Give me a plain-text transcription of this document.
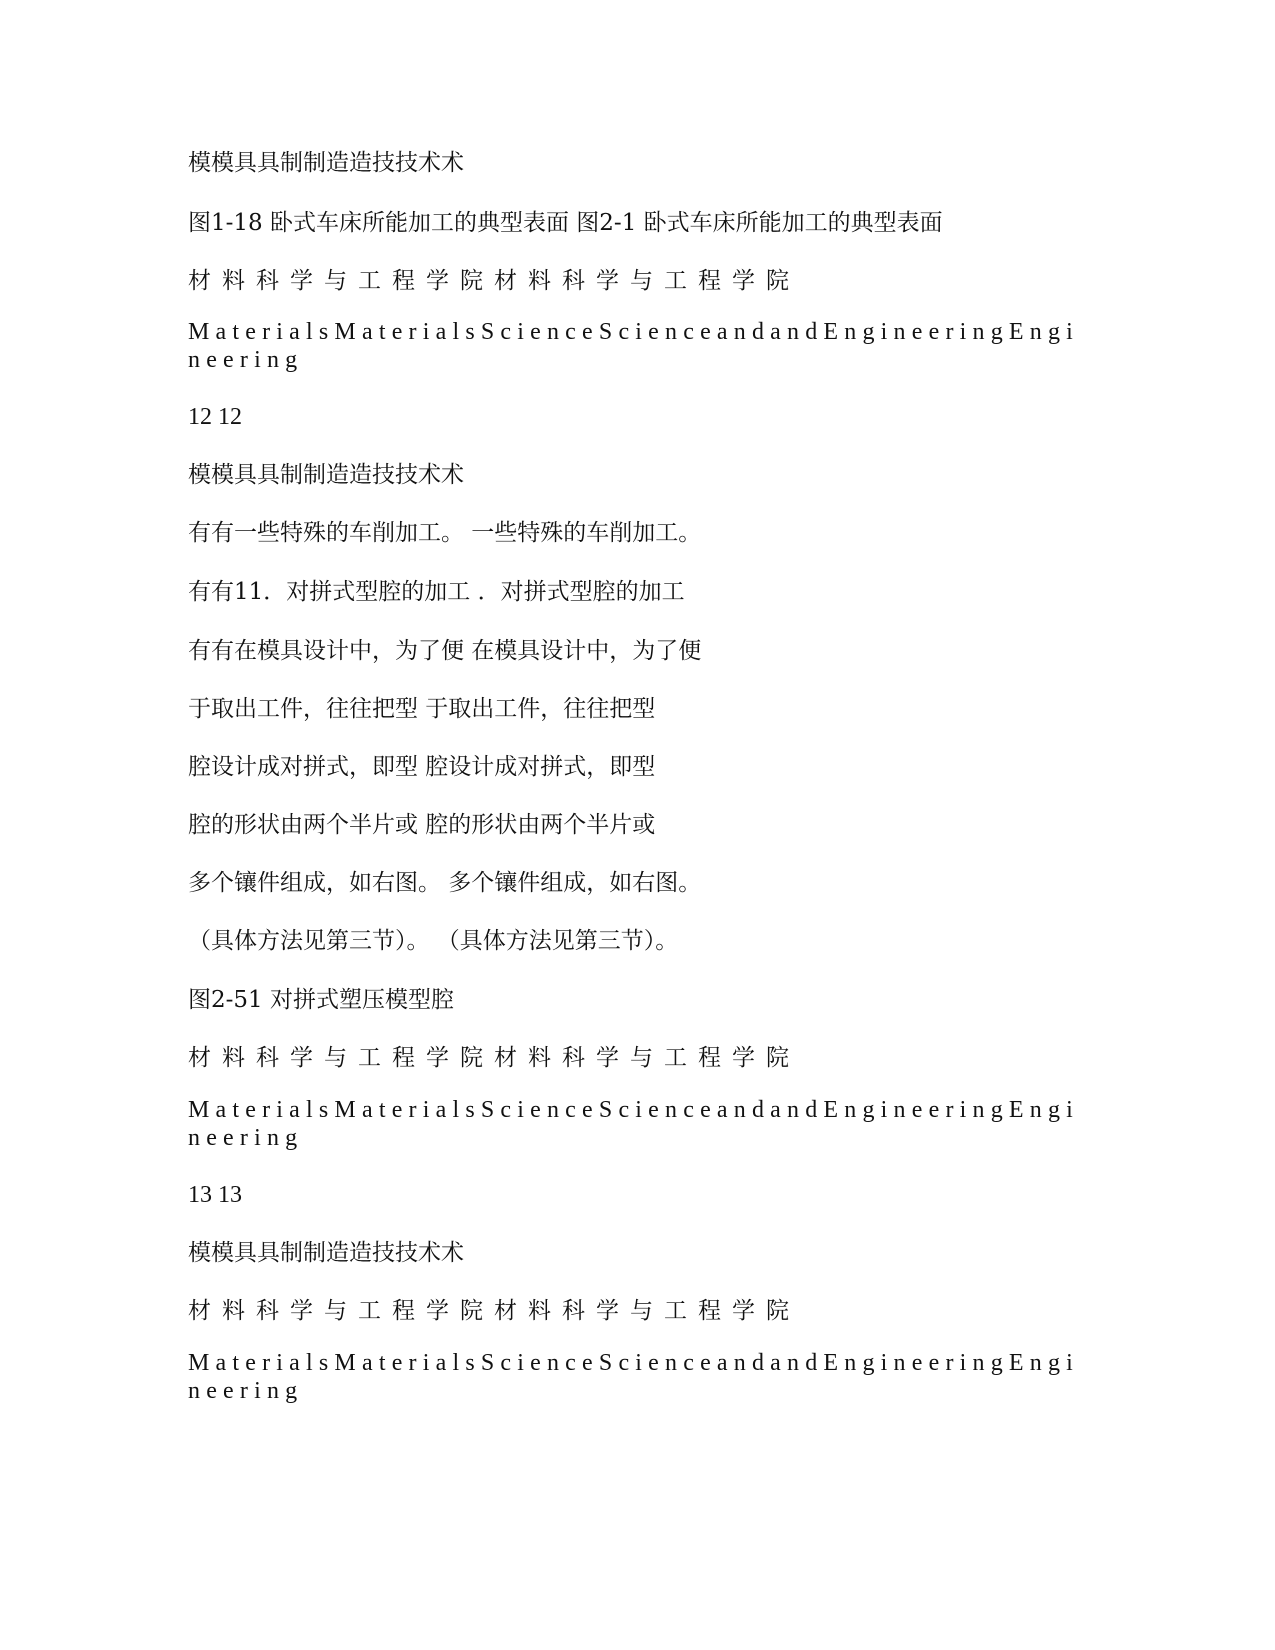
模模具具制制造造技技术术
图1-18 卧式车床所能加工的典型表面 图2-1 卧式车床所能加工的典型表面
材料科学与工程学院材料科学与工程学院
MaterialsMaterialsScienceScienceandandEngineeringEngineering
12 12
模模具具制制造造技技术术
有有一些特殊的车削加工。 一些特殊的车削加工。
有有11．对拼式型腔的加工 ．对拼式型腔的加工
有有在模具设计中，为了便 在模具设计中，为了便
于取出工件，往往把型 于取出工件，往往把型
腔设计成对拼式，即型 腔设计成对拼式，即型
腔的形状由两个半片或 腔的形状由两个半片或
多个镶件组成，如右图。 多个镶件组成，如右图。
（具体方法见第三节）。 （具体方法见第三节）。
图2-51 对拼式塑压模型腔
材料科学与工程学院材料科学与工程学院
MaterialsMaterialsScienceScienceandandEngineeringEngineering
13 13
模模具具制制造造技技术术
材料科学与工程学院材料科学与工程学院
MaterialsMaterialsScienceScienceandandEngineeringEngineering
